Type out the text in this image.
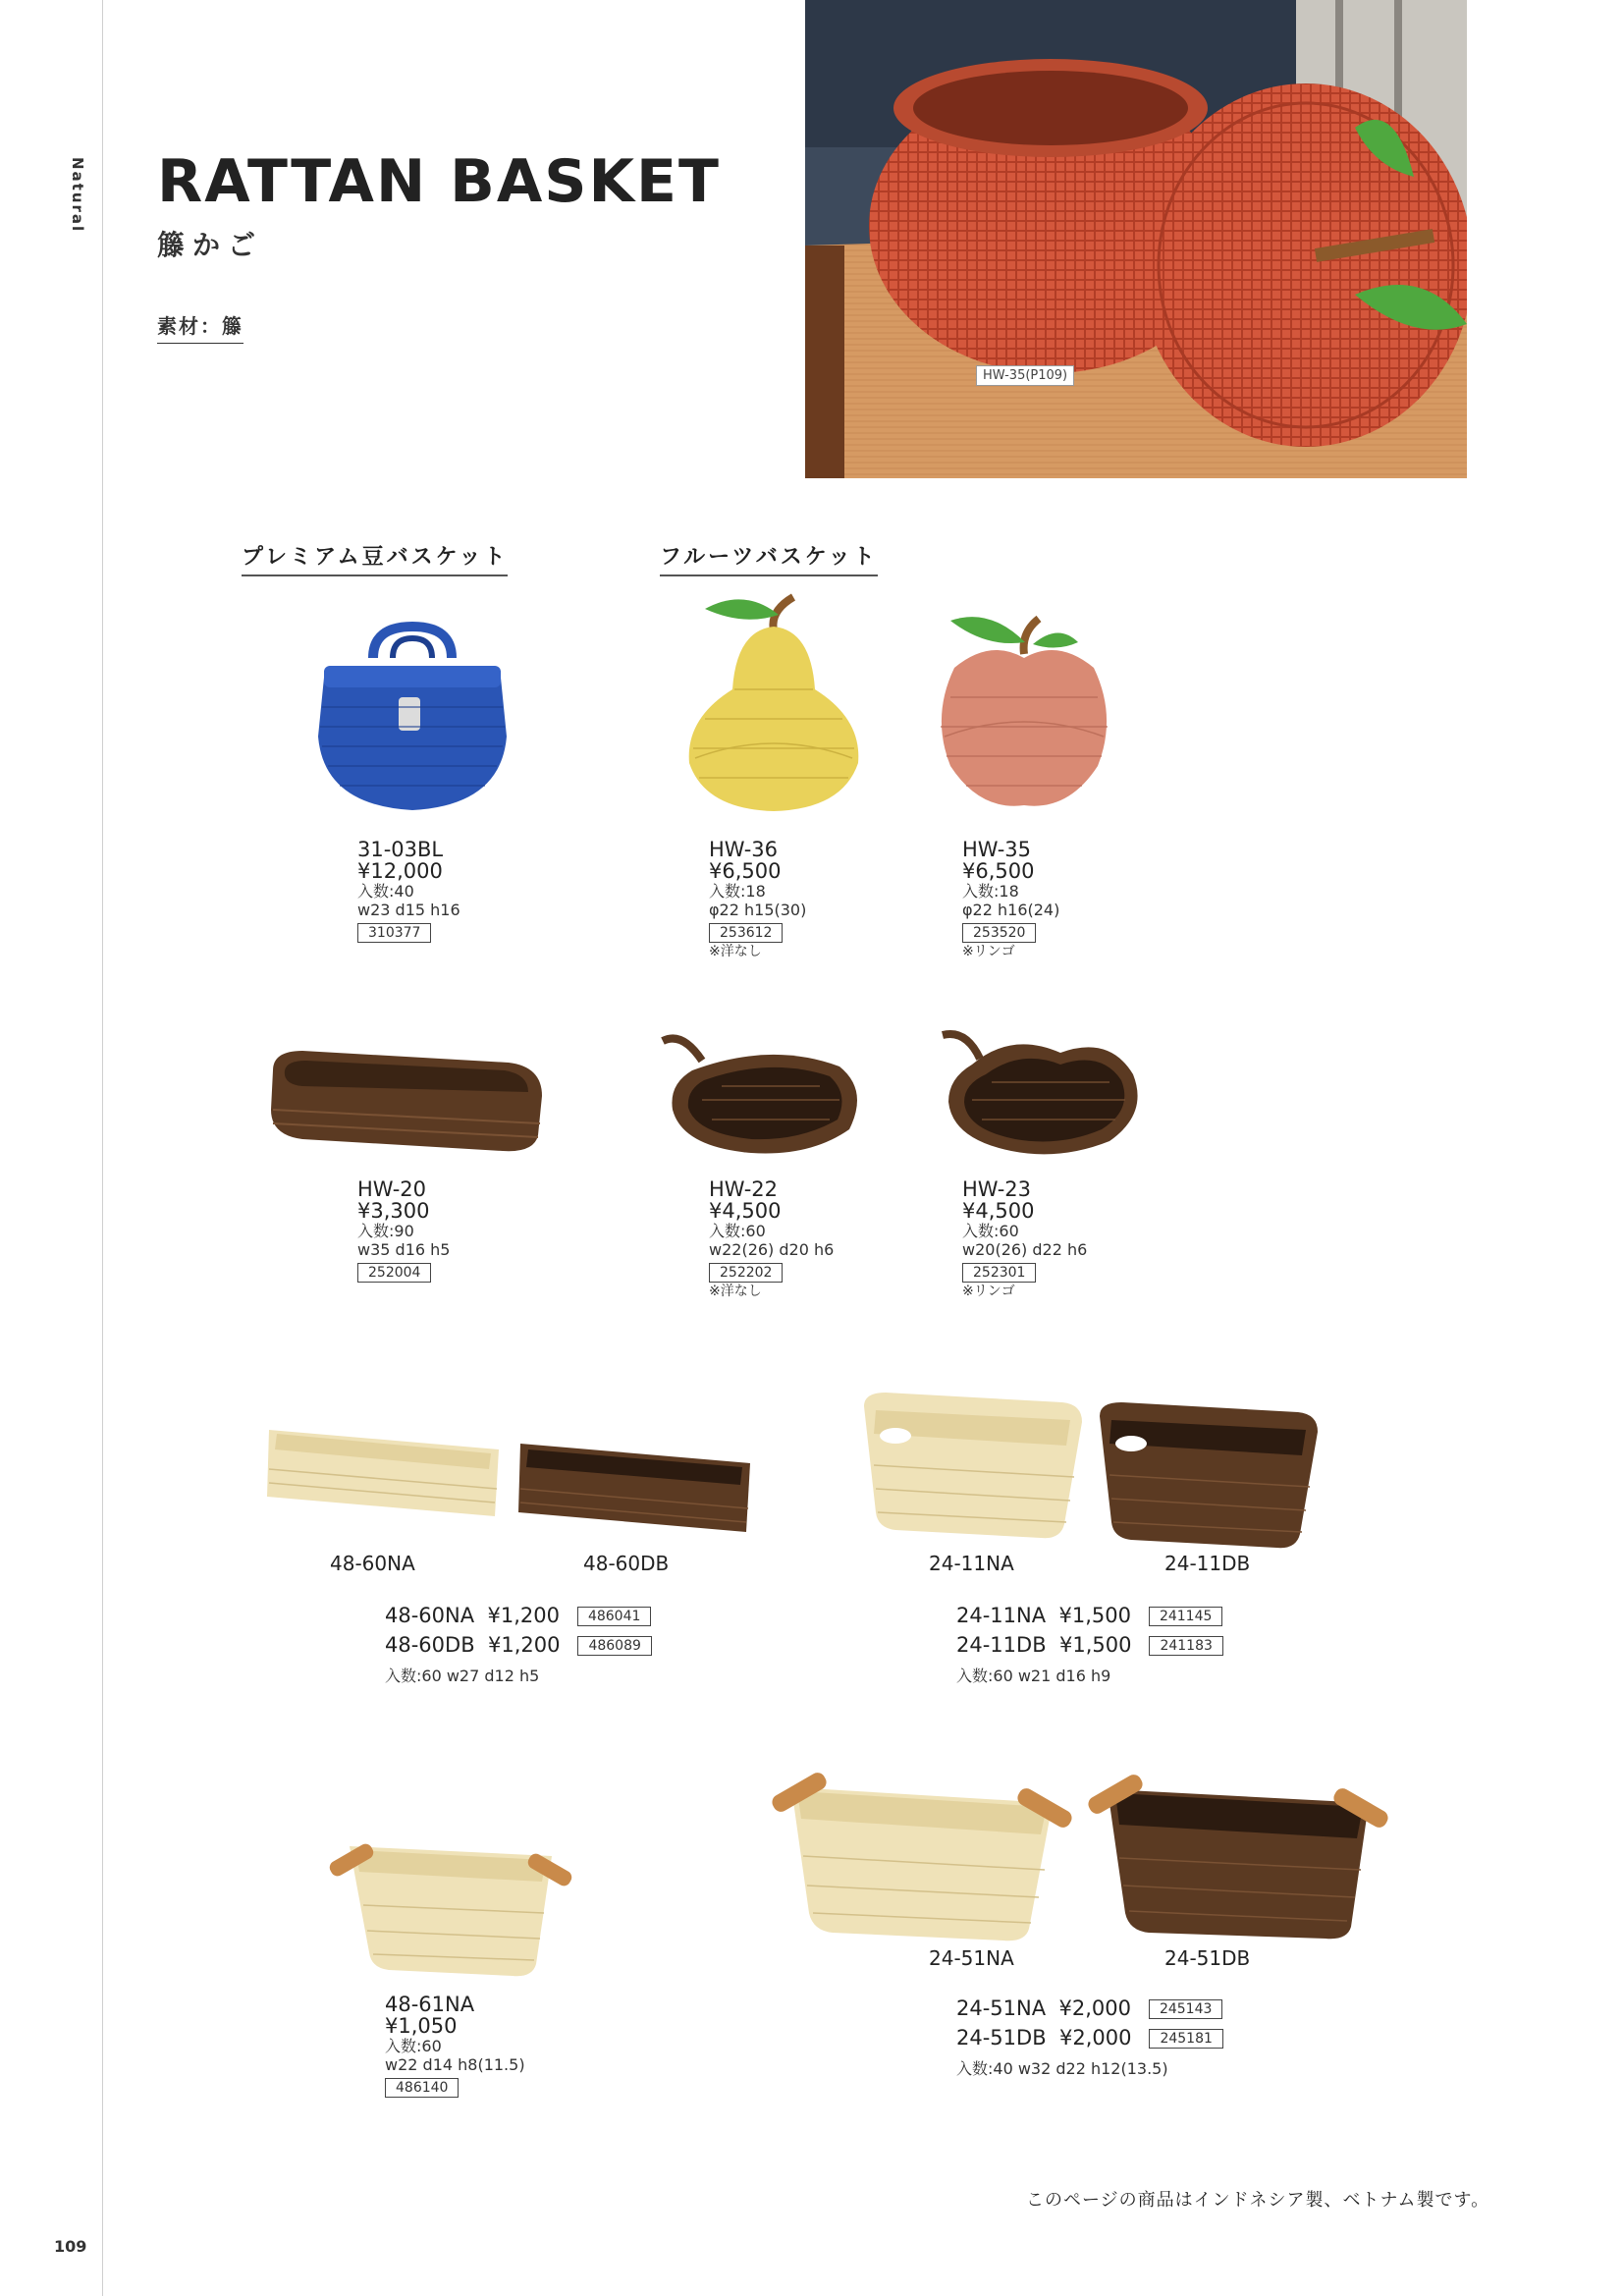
Natural
109
RATTAN BASKET
籐かご
素材：籐
HW-35(P109)
プレミアム豆バスケット	フルーツバスケット
31-03BL
¥12,000
入数:40
w23 d15 h16
310377
HW-36
¥6,500
入数:18
φ22 h15(30)
253612
※洋なし
HW-35
¥6,500
入数:18
φ22 h16(24)
253520
※リンゴ
HW-20
¥3,300
入数:90
w35 d16 h5
252004
HW-22
¥4,500
入数:60
w22(26) d20 h6
252202
※洋なし
HW-23
¥4,500
入数:60
w20(26) d22 h6
252301
※リンゴ
48-60NA	48-60DB	24-11NA	24-11DB
48-60NA ¥1,200 486041
48-60DB ¥1,200 486089
入数:60 w27 d12 h5
24-11NA ¥1,500 241145
24-11DB ¥1,500 241183
入数:60 w21 d16 h9
24-51NA	24-51DB
48-61NA
¥1,050
入数:60
w22 d14 h8(11.5)
486140
24-51NA ¥2,000 245143
24-51DB ¥2,000 245181
入数:40 w32 d22 h12(13.5)
このページの商品はインドネシア製、ベトナム製です。
